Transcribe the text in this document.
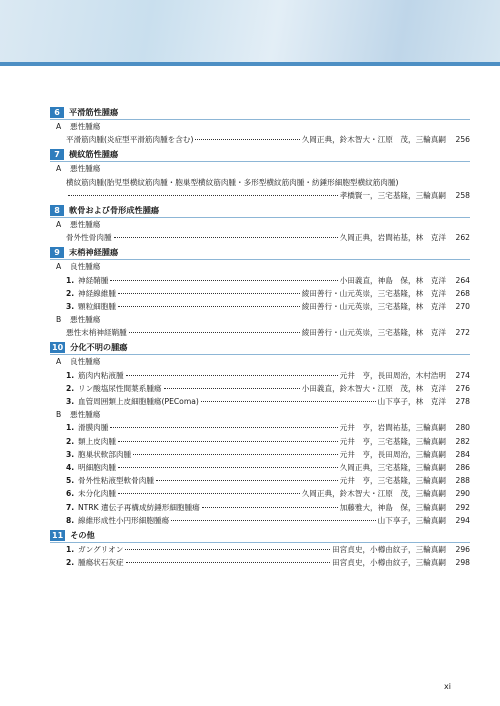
6	平滑筋性腫瘍
A 悪性腫瘍
平滑筋肉腫(炎症型平滑筋肉腫を含む)	久岡正典，鈴木智大・江原　茂，三輪真嗣	256
7	横紋筋性腫瘍
A 悪性腫瘍
横紋筋肉腫(胎児型横紋筋肉腫・胞巣型横紋筋肉腫・多形型横紋筋肉腫・紡錘形細胞型横紋筋肉腫)
孝橋賢一，三宅基隆，三輪真嗣	258
8	軟骨および骨形成性腫瘍
A 悪性腫瘍
骨外性骨肉腫	久岡正典，岩間祐基，林　克洋	262
9	末梢神経腫瘍
A 良性腫瘍
1. 神経鞘腫	小田義直，神島　保，林　克洋	264
2. 神経線維腫	綾田善行・山元英崇，三宅基隆，林　克洋	268
3. 顆粒細胞腫	綾田善行・山元英崇，三宅基隆，林　克洋	270
B 悪性腫瘍
悪性末梢神経鞘腫	綾田善行・山元英崇，三宅基隆，林　克洋	272
10 分化不明の腫瘍
A 良性腫瘍
1. 筋肉内粘液腫	元井　亨，長田周治，木村浩明	274
2. リン酸塩尿性間葉系腫瘍	小田義直，鈴木智大・江原　茂，林　克洋	276
3. 血管周囲類上皮細胞腫瘍(PEComa)	山下享子，林　克洋	278
B 悪性腫瘍
1. 滑膜肉腫	元井　亨，岩間祐基，三輪真嗣	280
2. 類上皮肉腫	元井　亨，三宅基隆，三輪真嗣	282
3. 胞巣状軟部肉腫	元井　亨，長田周治，三輪真嗣	284
4. 明細胞肉腫	久岡正典，三宅基隆，三輪真嗣	286
5. 骨外性粘液型軟骨肉腫	元井　亨，三宅基隆，三輪真嗣	288
6. 未分化肉腫	久岡正典，鈴木智大・江原　茂，三輪真嗣	290
7. NTRK 遺伝子再構成紡錘形細胞腫瘍	加藤雅大，神島　保，三輪真嗣	292
8. 線維形成性小円形細胞腫瘍	山下享子，三輪真嗣	294
11 その他
1. ガングリオン	田宮貞史，小樽由紋子，三輪真嗣	296
2. 腫瘍状石灰症	田宮貞史，小樽由紋子，三輪真嗣	298
xi
